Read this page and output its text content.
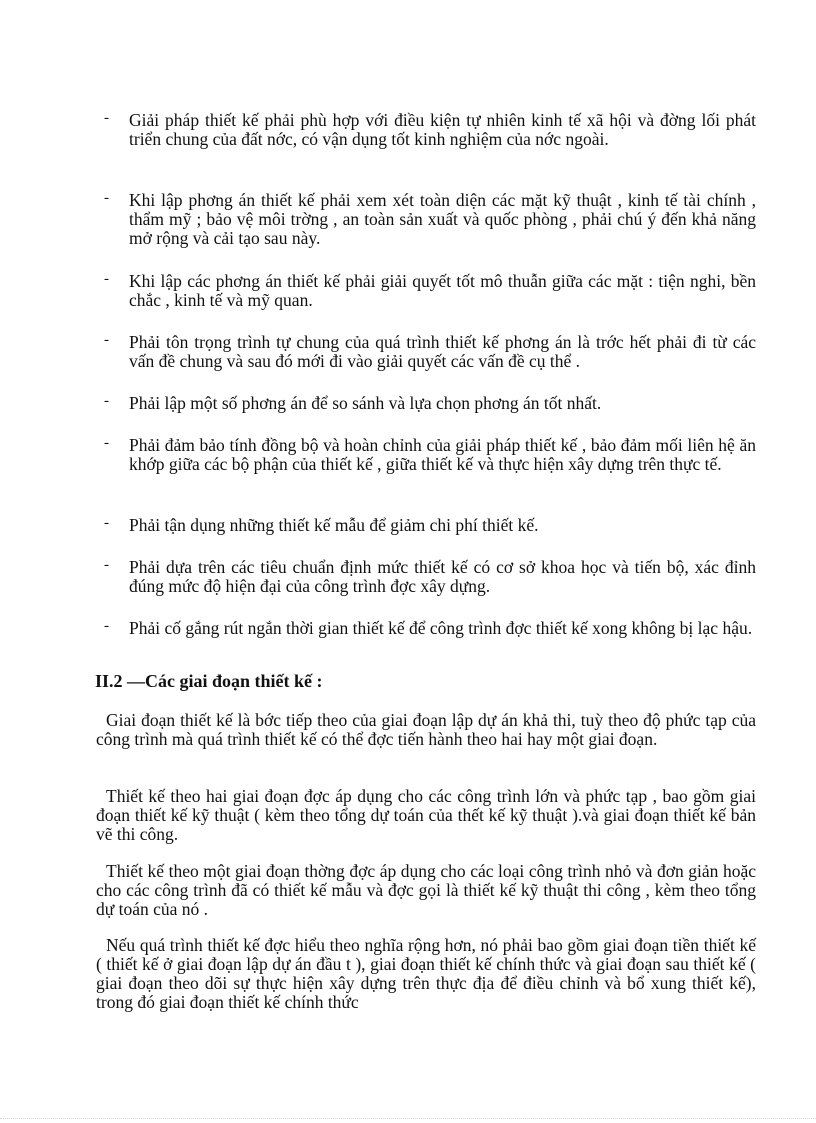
- Giải pháp thiết kế phải phù hợp với điều kiện tự nhiên kinh tế xã hội và đờng lối phát triển chung của đất nớc, có vận dụng tốt kinh nghiệm của nớc ngoài.
- Khi lập phơng án thiết kế phải xem xét toàn diện các mặt kỹ thuật , kinh tế tài chính , thẩm mỹ ; bảo vệ môi trờng , an toàn sản xuất và quốc phòng , phải chú ý đến khả năng mở rộng và cải tạo sau này.
- Khi lập các phơng án thiết kế phải giải quyết tốt mô thuẫn giữa các mặt : tiện nghi, bền chắc , kinh tế và mỹ quan.
- Phải tôn trọng trình tự chung của quá trình thiết kế phơng án là trớc hết phải đi từ các vấn đề chung và sau đó mới đi vào giải quyết các vấn đề cụ thể .
- Phải lập một số phơng án để so sánh và lựa chọn phơng án tốt nhất.
- Phải đảm bảo tính đồng bộ và hoàn chỉnh của giải pháp thiết kế , bảo đảm mối liên hệ ăn khớp giữa các bộ phận của thiết kế , giữa thiết kế và thực hiện xây dựng trên thực tế.
- Phải tận dụng những thiết kế mẫu để giảm chi phí thiết kế.
- Phải dựa trên các tiêu chuẩn định mức thiết kế có cơ sở khoa học và tiến bộ, xác đỉnh đúng mức độ hiện đại của công trình đợc xây dựng.
- Phải cố gắng rút ngắn thời gian thiết kế để công trình đợc thiết kế xong không bị lạc hậu.
II.2 —Các giai đoạn thiết kế :
Giai đoạn thiết kế là bớc tiếp theo của giai đoạn lập dự án khả thi, tuỳ theo độ phức tạp của công trình mà quá trình thiết kế có thể đợc tiến hành theo hai hay một giai đoạn.
Thiết kế theo hai giai đoạn đợc áp dụng cho các công trình lớn và phức tạp , bao gồm giai đoạn thiết kế kỹ thuật ( kèm theo tổng dự toán của thết kế kỹ thuật ).và giai đoạn thiết kế bản vẽ thi công.
Thiết kế theo một giai đoạn thờng đợc áp dụng cho các loại công trình nhỏ và đơn giản hoặc cho các công trình đã có thiết kế mẫu và đợc gọi là thiết kế kỹ thuật thi công , kèm theo tổng dự toán của nó .
Nếu quá trình thiết kế đợc hiểu theo nghĩa rộng hơn, nó phải bao gồm giai đoạn tiền thiết kế ( thiết kế ở giai đoạn lập dự án đầu t ), giai đoạn thiết kế chính thức và giai đoạn sau thiết kế ( giai đoạn theo dõi sự thực hiện xây dựng trên thực địa để điều chỉnh và bổ xung thiết kế), trong đó giai đoạn thiết kế chính thức
